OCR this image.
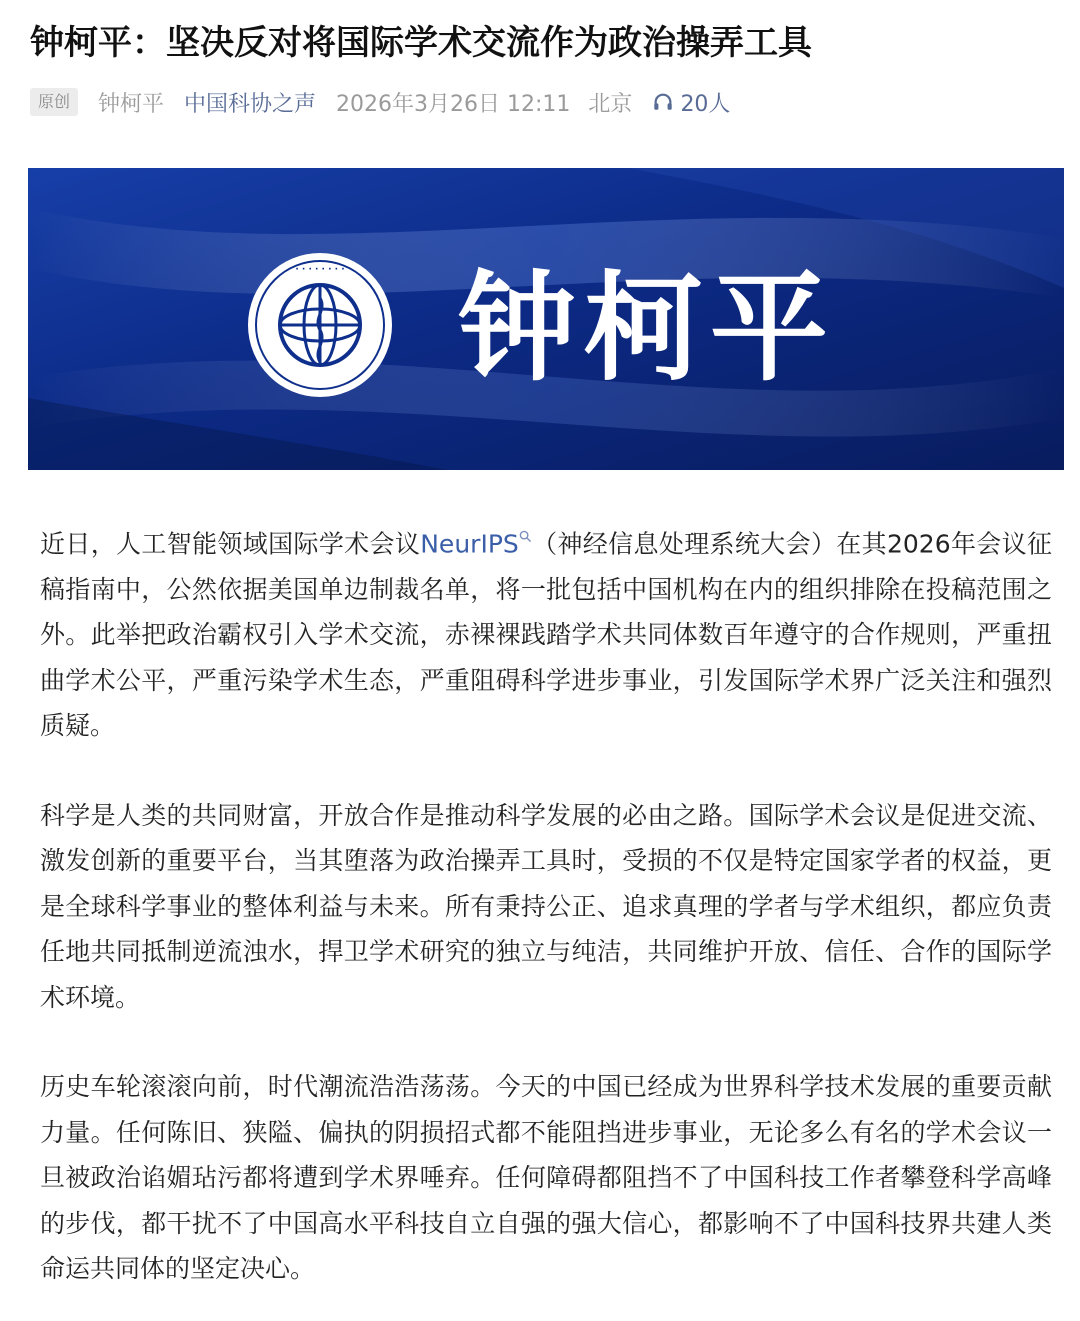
钟柯平：坚决反对将国际学术交流作为政治操弄工具
原创	钟柯平 中国科协之声 2026年3月26日 12:11 北京 20人
· · · · · · · · 钟柯平

近日，人工智能领域国际学术会议NeurIPS （神经信息处理系统大会）在其2026年会议征稿指南中，公然依据美国单边制裁名单，将一批包括中国机构在内的组织排除在投稿范围之外。此举把政治霸权引入学术交流，赤裸裸践踏学术共同体数百年遵守的合作规则，严重扭曲学术公平，严重污染学术生态，严重阻碍科学进步事业，引发国际学术界广泛关注和强烈质疑。

科学是人类的共同财富，开放合作是推动科学发展的必由之路。国际学术会议是促进交流、激发创新的重要平台，当其堕落为政治操弄工具时，受损的不仅是特定国家学者的权益，更是全球科学事业的整体利益与未来。所有秉持公正、追求真理的学者与学术组织，都应负责任地共同抵制逆流浊水，捍卫学术研究的独立与纯洁，共同维护开放、信任、合作的国际学术环境。

历史车轮滚滚向前，时代潮流浩浩荡荡。今天的中国已经成为世界科学技术发展的重要贡献力量。任何陈旧、狭隘、偏执的阴损招式都不能阻挡进步事业，无论多么有名的学术会议一旦被政治谄媚玷污都将遭到学术界唾弃。任何障碍都阻挡不了中国科技工作者攀登科学高峰的步伐，都干扰不了中国高水平科技自立自强的强大信心，都影响不了中国科技界共建人类命运共同体的坚定决心。
